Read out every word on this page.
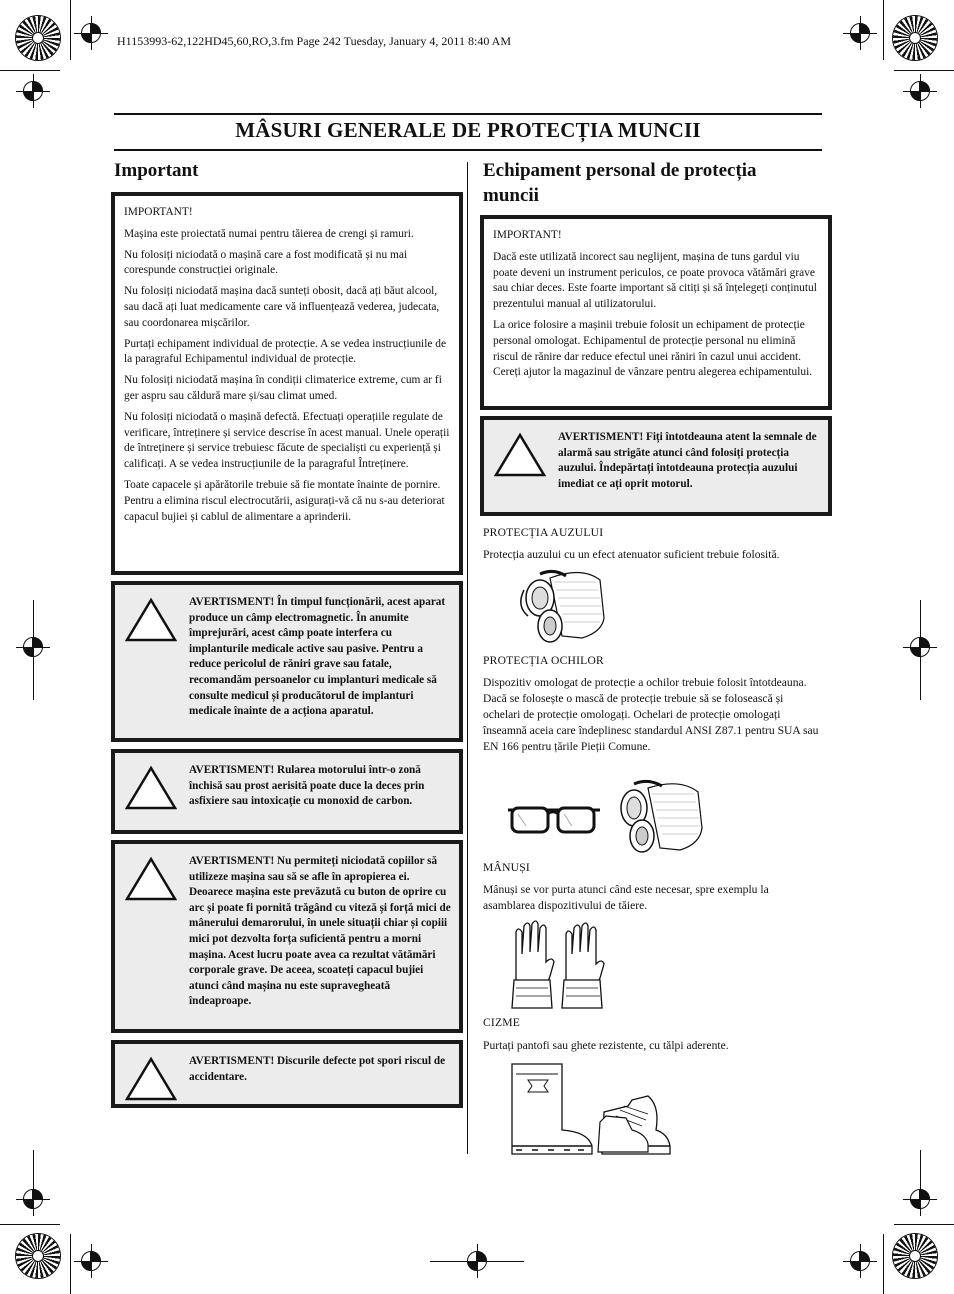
H1153993-62,122HD45,60,RO,3.fm Page 242 Tuesday, January 4, 2011 8:40 AM
MÂSURI GENERALE DE PROTECȚIA MUNCII
Important

IMPORTANT!

Mașina este proiectată numai pentru tăierea de crengi și ramuri.

Nu folosiți niciodată o mașină care a fost modificată și nu mai corespunde construcției originale.

Nu folosiți niciodată mașina dacă sunteți obosit, dacă ați băut alcool, sau dacă ați luat medicamente care vă influențează vederea, judecata, sau coordonarea mișcărilor.

Purtați echipament individual de protecție. A se vedea instrucțiunile de la paragraful Echipamentul individual de protecție.

Nu folosiți niciodată mașina în condiții climaterice extreme, cum ar fi ger aspru sau căldură mare și/sau climat umed.

Nu folosiți niciodată o mașină defectă. Efectuați operațiile regulate de verificare, întreținere și service descrise în acest manual. Unele operații de întreținere și service trebuiesc făcute de specialiști cu experiență și calificați. A se vedea instrucțiunile de la paragraful Întreținere.

Toate capacele și apărătorile trebuie să fie montate înainte de pornire. Pentru a elimina riscul electrocutării, asigurați-vă că nu s-au deteriorat capacul bujiei și cablul de alimentare a aprinderii.

AVERTISMENT! În timpul funcționării, acest aparat produce un câmp electromagnetic. În anumite împrejurări, acest câmp poate interfera cu implanturile medicale active sau pasive. Pentru a reduce pericolul de răniri grave sau fatale, recomandăm persoanelor cu implanturi medicale să consulte medicul și producătorul de implanturi medicale înainte de a acționa aparatul.
AVERTISMENT! Rularea motorului într-o zonă închisă sau prost aerisită poate duce la deces prin asfixiere sau intoxicație cu monoxid de carbon.
AVERTISMENT! Nu permiteți niciodată copiilor să utilizeze mașina sau să se afle în apropierea ei. Deoarece mașina este prevăzută cu buton de oprire cu arc și poate fi pornită trăgând cu viteză și forță mici de mânerului demarorului, în unele situații chiar și copiii mici pot dezvolta forța suficientă pentru a morni mașina. Acest lucru poate avea ca rezultat vătămări corporale grave. De aceea, scoateți capacul bujiei atunci când mașina nu este supravegheată îndeaproape.
AVERTISMENT! Discurile defecte pot spori riscul de accidentare.
Echipament personal de protecția muncii

IMPORTANT!

Dacă este utilizată incorect sau neglijent, mașina de tuns gardul viu poate deveni un instrument periculos, ce poate provoca vătămări grave sau chiar deces. Este foarte important să citiți și să înțelegeți conținutul prezentului manual al utilizatorului.

La orice folosire a mașinii trebuie folosit un echipament de protecție personal omologat. Echipamentul de protecție personal nu elimină riscul de rănire dar reduce efectul unei răniri în cazul unui accident. Cereți ajutor la magazinul de vânzare pentru alegerea echipamentului.

AVERTISMENT! Fiți întotdeauna atent la semnale de alarmă sau strigăte atunci când folosiți protecția auzului. Îndepărtați întotdeauna protecția auzului imediat ce ați oprit motorul.
PROTECȚIA AUZULUI
Protecția auzului cu un efect atenuator suficient trebuie folosită.
PROTECȚIA OCHILOR
Dispozitiv omologat de protecție a ochilor trebuie folosit întotdeauna. Dacă se folosește o mască de protecție trebuie să se folosească și ochelari de protecție omologați. Ochelari de protecție omologați înseamnă aceia care îndeplinesc standardul ANSI Z87.1 pentru SUA sau EN 166 pentru țările Pieții Comune.
MÂNUȘI
Mânuși se vor purta atunci când este necesar, spre exemplu la asamblarea dispozitivului de tăiere.
CIZME
Purtați pantofi sau ghete rezistente, cu tălpi aderente.
